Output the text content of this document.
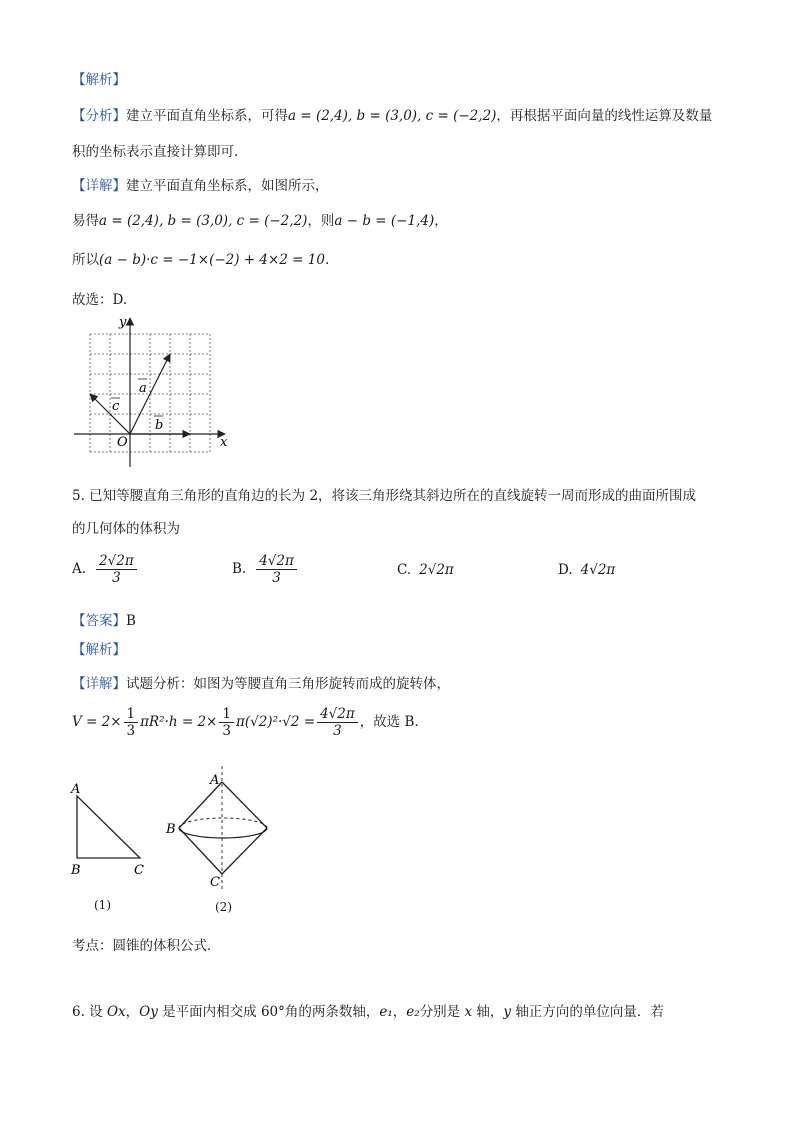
【解析】
【分析】建立平面直角坐标系，可得a = (2,4), b = (3,0), c = (−2,2)，再根据平面向量的线性运算及数量
积的坐标表示直接计算即可.
【详解】建立平面直角坐标系，如图所示，
易得a = (2,4), b = (3,0), c = (−2,2)，则a − b = (−1,4)，
所以(a − b)·c = −1×(−2) + 4×2 = 10.
故选：D.
y
x
O
a
b
c
5. 已知等腰直角三角形的直角边的长为 2，将该三角形绕其斜边所在的直线旋转一周而形成的曲面所围成
的几何体的体积为
A. $\frac{2√2\pi}{3}$	B. $\frac{4√2\pi}{3}$	C. 2√2π	D. 4√2π
【答案】B
【解析】
【详解】试题分析：如图为等腰直角三角形旋转而成的旋转体，
$V = 2\times \frac{1}{3} \pi R^2\cdot h = 2\times \frac{1}{3} \pi(√2)^2\cdot√2 = \frac{4√2\pi}{3}$ ，故选 B．
A
B	C
(1)
A
B
C
(2)
考点：圆锥的体积公式．
6. 设 Ox，Oy 是平面内相交成 60°角的两条数轴，e₁，e₂分别是 x 轴，y 轴正方向的单位向量．若
